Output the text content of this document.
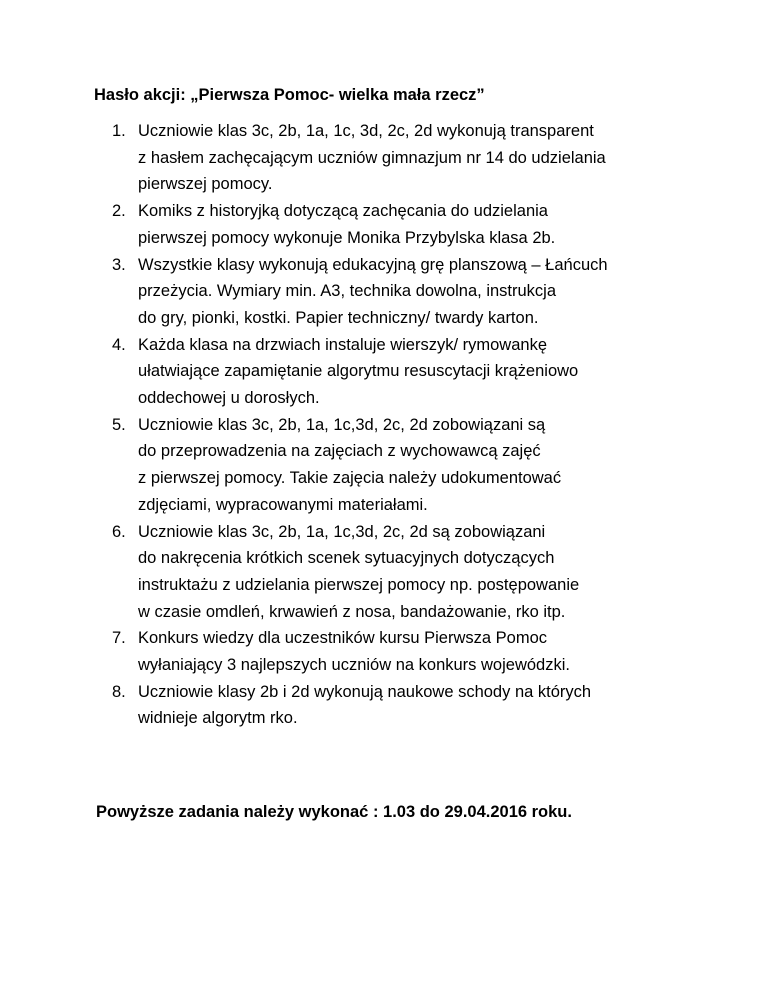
Hasło akcji: „Pierwsza Pomoc- wielka mała rzecz”
1. Uczniowie klas 3c, 2b, 1a, 1c, 3d, 2c, 2d wykonują transparent
z hasłem zachęcającym uczniów gimnazjum nr 14 do udzielania
pierwszej pomocy.
2. Komiks z historyjką dotyczącą zachęcania do udzielania
pierwszej pomocy wykonuje Monika Przybylska klasa 2b.
3. Wszystkie klasy wykonują edukacyjną grę planszową – Łańcuch
przeżycia. Wymiary min. A3, technika dowolna, instrukcja
do gry, pionki, kostki. Papier techniczny/ twardy karton.
4. Każda klasa na drzwiach instaluje wierszyk/ rymowankę
ułatwiające zapamiętanie algorytmu resuscytacji krążeniowo
oddechowej u dorosłych.
5. Uczniowie klas 3c, 2b, 1a, 1c,3d, 2c, 2d zobowiązani są
do przeprowadzenia na zajęciach z wychowawcą zajęć
z pierwszej pomocy. Takie zajęcia należy udokumentować
zdjęciami, wypracowanymi materiałami.
6. Uczniowie klas 3c, 2b, 1a, 1c,3d, 2c, 2d są zobowiązani
do nakręcenia krótkich scenek sytuacyjnych dotyczących
instruktażu z udzielania pierwszej pomocy np. postępowanie
w czasie omdleń, krwawień z nosa, bandażowanie, rko itp.
7. Konkurs wiedzy dla uczestników kursu Pierwsza Pomoc
wyłaniający 3 najlepszych uczniów na konkurs wojewódzki.
8. Uczniowie klasy 2b i 2d wykonują naukowe schody na których
widnieje algorytm rko.
Powyższe zadania należy wykonać : 1.03 do 29.04.2016 roku.
